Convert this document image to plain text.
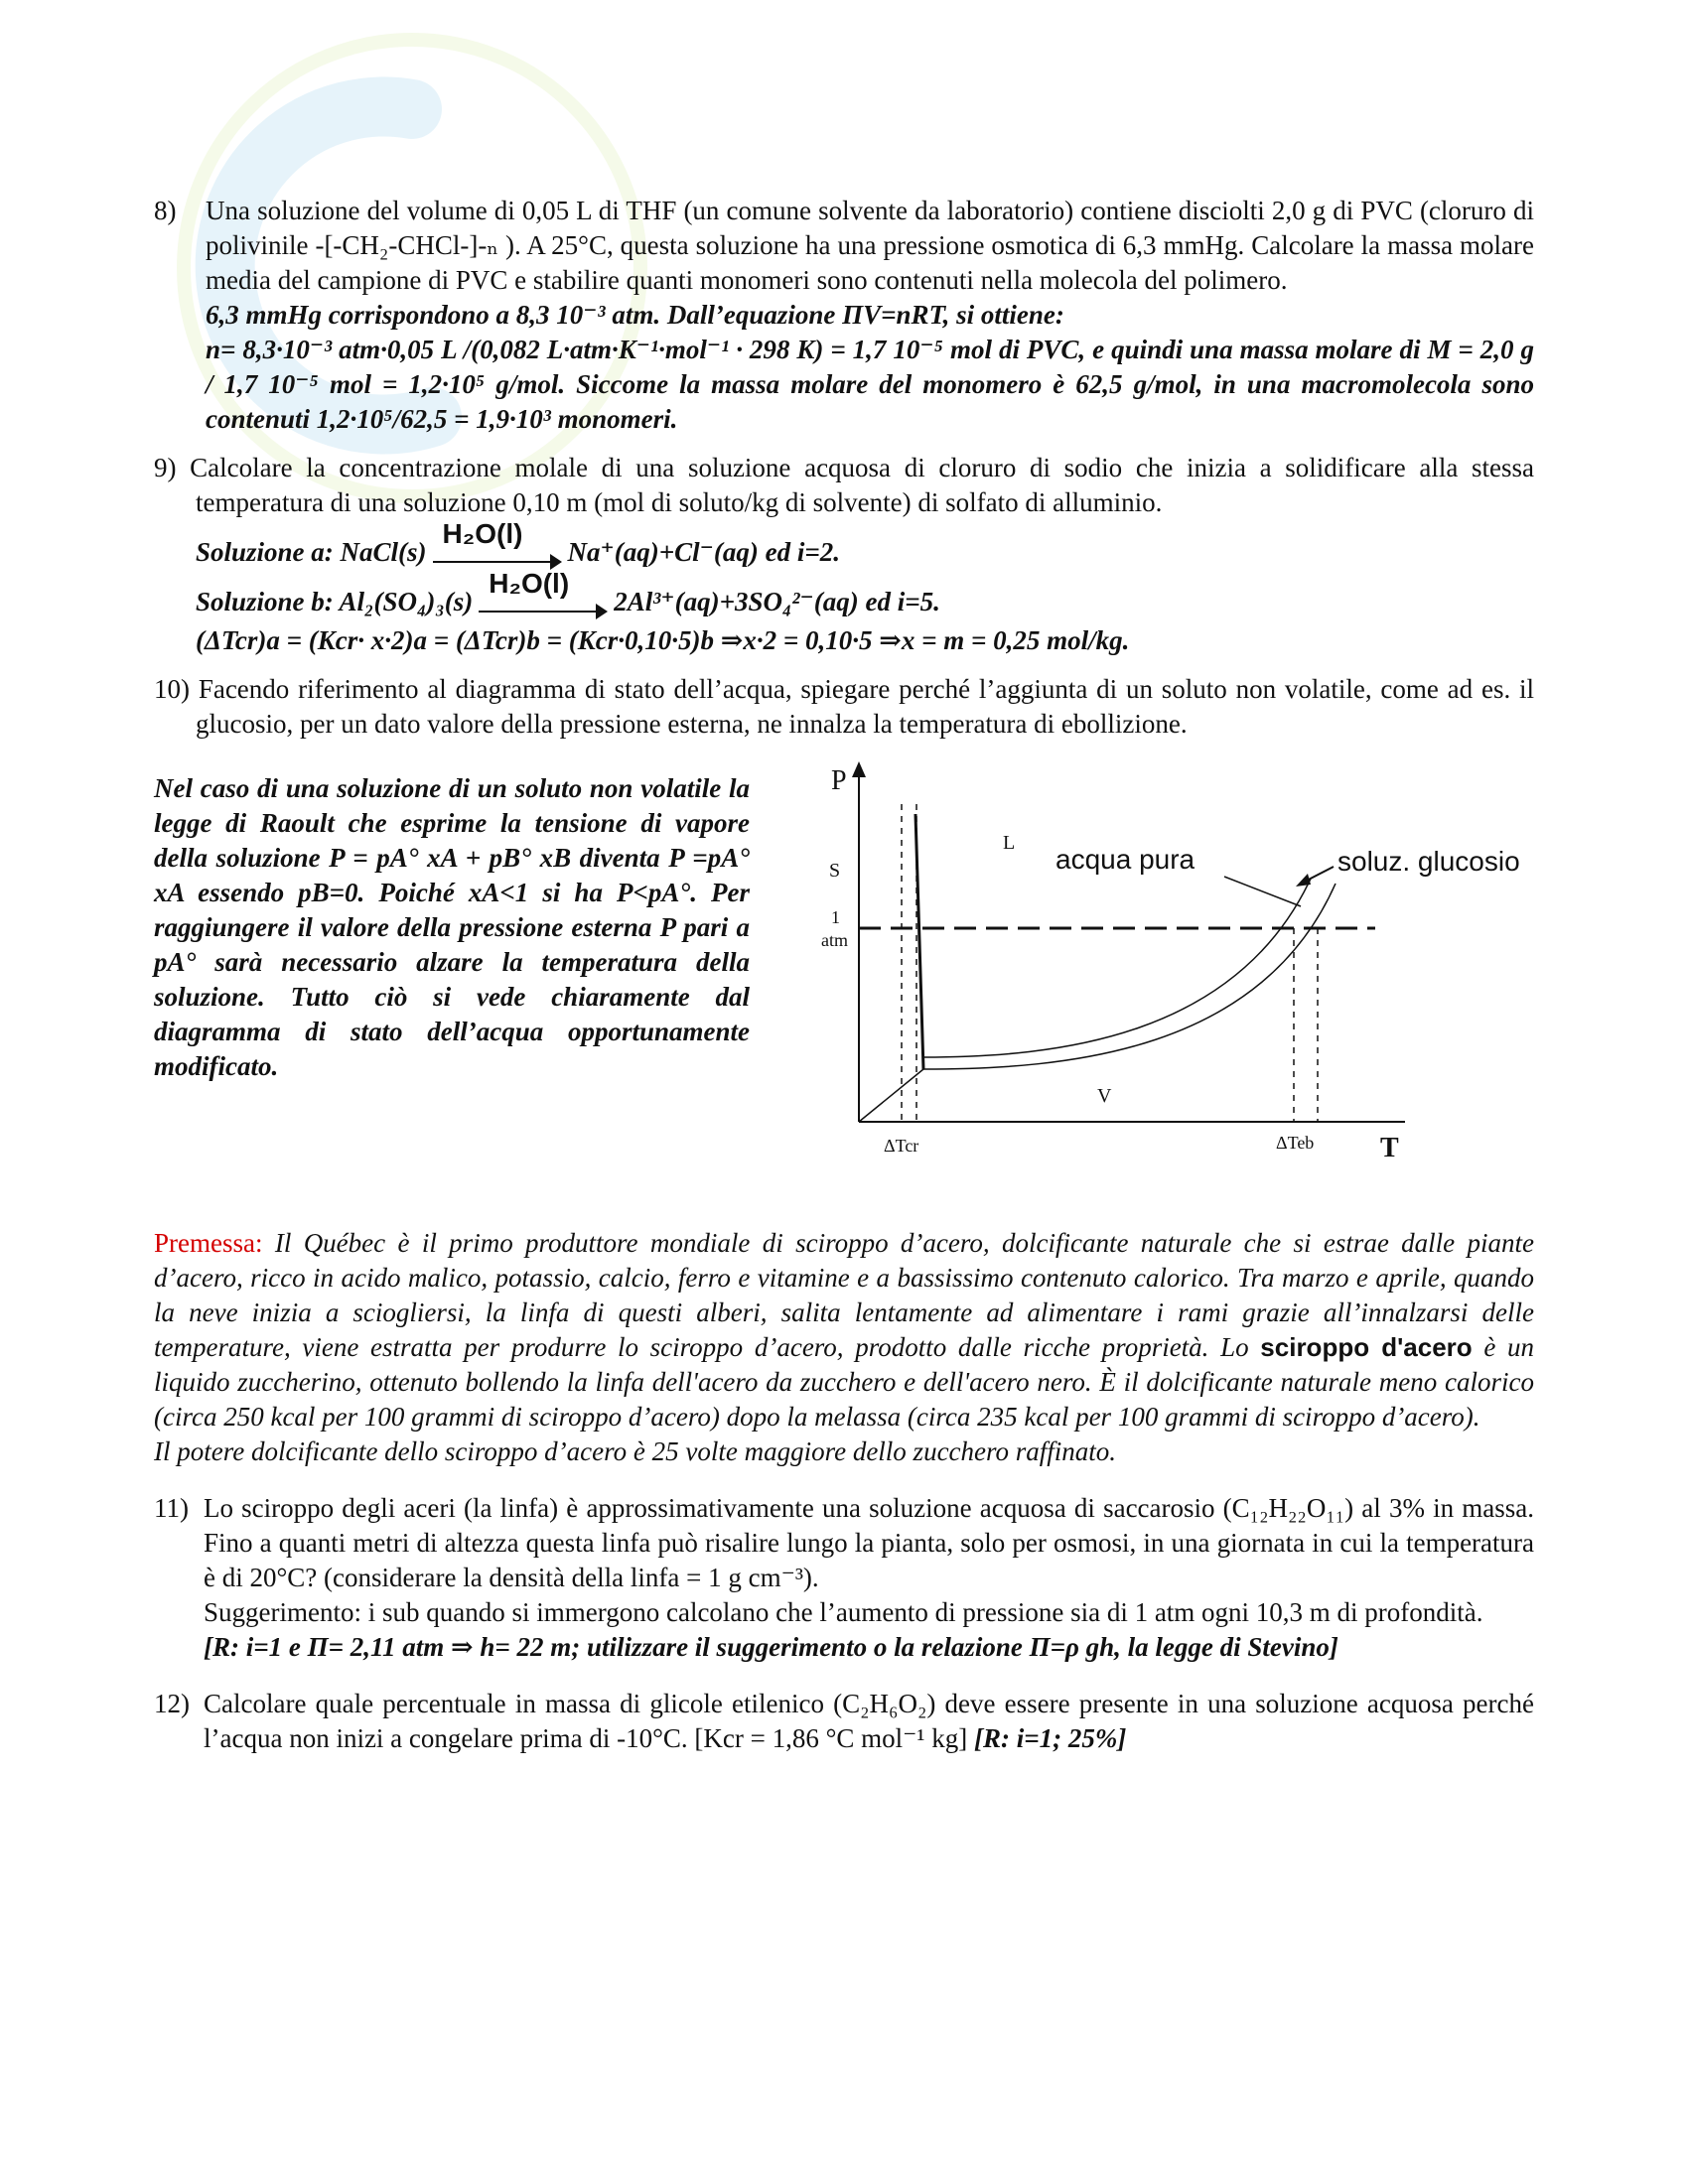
8) Una soluzione del volume di 0,05 L di THF (un comune solvente da laboratorio) contiene disciolti 2,0 g di PVC (cloruro di polivinile -[-CH₂-CHCl-]-ₙ ). A 25°C, questa soluzione ha una pressione osmotica di 6,3 mmHg. Calcolare la massa molare media del campione di PVC e stabilire quanti monomeri sono contenuti nella molecola del polimero.

6,3 mmHg corrispondono a 8,3 10⁻³ atm. Dall’equazione ΠV=nRT, si ottiene:

n= 8,3·10⁻³ atm·0,05 L /(0,082 L·atm·K⁻¹·mol⁻¹ · 298 K) = 1,7 10⁻⁵ mol di PVC, e quindi una massa molare di M = 2,0 g / 1,7 10⁻⁵ mol = 1,2·10⁵ g/mol. Siccome la massa molare del monomero è 62,5 g/mol, in una macromolecola sono contenuti 1,2·10⁵/62,5 = 1,9·10³ monomeri.

9) Calcolare la concentrazione molale di una soluzione acquosa di cloruro di sodio che inizia a solidificare alla stessa temperatura di una soluzione 0,10 m (mol di soluto/kg di solvente) di solfato di alluminio.

Soluzione a: NaCl(s)
H₂O(l)
Na⁺(aq)+Cl⁻(aq) ed i=2.
Soluzione b: Al₂(SO₄)₃(s)
H₂O(l)
2Al³⁺(aq)+3SO₄²⁻(aq) ed i=5.

(ΔTcr)a = (Kcr· x·2)a = (ΔTcr)b = (Kcr·0,10·5)b ⇒x·2 = 0,10·5 ⇒x = m = 0,25 mol/kg.

10) Facendo riferimento al diagramma di stato dell’acqua, spiegare perché l’aggiunta di un soluto non volatile, come ad es. il glucosio, per un dato valore della pressione esterna, ne innalza la temperatura di ebollizione.

Nel caso di una soluzione di un soluto non volatile la legge di Raoult che esprime la tensione di vapore della soluzione P = pA° xA + pB° xB diventa P =pA° xA essendo pB=0. Poiché xA<1 si ha P<pA°. Per raggiungere il valore della pressione esterna P pari a pA° sarà necessario alzare la temperatura della soluzione. Tutto ciò si vede chiaramente dal diagramma di stato dell’acqua opportunamente modificato.
P
T
1
atm
S
L
V
acqua pura	soluz. glucosio
ΔTcr	ΔTeb

Premessa: Il Québec è il primo produttore mondiale di sciroppo d’acero, dolcificante naturale che si estrae dalle piante d’acero, ricco in acido malico, potassio, calcio, ferro e vitamine e a bassissimo contenuto calorico. Tra marzo e aprile, quando la neve inizia a sciogliersi, la linfa di questi alberi, salita lentamente ad alimentare i rami grazie all’innalzarsi delle temperature, viene estratta per produrre lo sciroppo d’acero, prodotto dalle ricche proprietà. Lo sciroppo d'acero è un liquido zuccherino, ottenuto bollendo la linfa dell'acero da zucchero e dell'acero nero. È il dolcificante naturale meno calorico (circa 250 kcal per 100 grammi di sciroppo d’acero) dopo la melassa (circa 235 kcal per 100 grammi di sciroppo d’acero).

Il potere dolcificante dello sciroppo d’acero è 25 volte maggiore dello zucchero raffinato.

11) Lo sciroppo degli aceri (la linfa) è approssimativamente una soluzione acquosa di saccarosio (C₁₂H₂₂O₁₁) al 3% in massa. Fino a quanti metri di altezza questa linfa può risalire lungo la pianta, solo per osmosi, in una giornata in cui la temperatura è di 20°C? (considerare la densità della linfa = 1 g cm⁻³).

Suggerimento: i sub quando si immergono calcolano che l’aumento di pressione sia di 1 atm ogni 10,3 m di profondità.

[R: i=1 e Π= 2,11 atm ⇒ h= 22 m; utilizzare il suggerimento o la relazione Π=ρ gh, la legge di Stevino]

12) Calcolare quale percentuale in massa di glicole etilenico (C₂H₆O₂) deve essere presente in una soluzione acquosa perché l’acqua non inizi a congelare prima di -10°C. [Kcr = 1,86 °C mol⁻¹ kg] [R: i=1; 25%]
